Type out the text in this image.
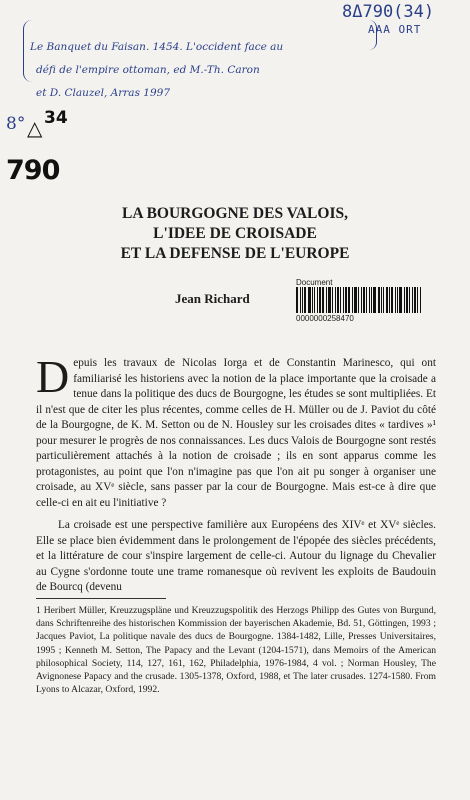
8Δ790(34)
AAA ORT
Le Banquet du Faisan. 1454. L'occident face au
défi de l'empire ottoman, ed M.-Th. Caron
et D. Clauzel, Arras 1997
8° △ 34
790
LA BOURGOGNE DES VALOIS,
L'IDEE DE CROISADE
ET LA DEFENSE DE L'EUROPE
Jean Richard
Document
0000000258470
Depuis les travaux de Nicolas Iorga et de Constantin Marinesco, qui ont familiarisé les historiens avec la notion de la place importante que la croisade a tenue dans la politique des ducs de Bourgogne, les études se sont multipliées. Et il n'est que de citer les plus récentes, comme celles de H. Müller ou de J. Paviot du côté de la Bourgogne, de K. M. Setton ou de N. Housley sur les croisades dites « tardives »¹ pour mesurer le progrès de nos connaissances. Les ducs Valois de Bourgogne sont restés particulièrement attachés à la notion de croisade ; ils en sont apparus comme les protagonistes, au point que l'on n'imagine pas que l'on ait pu songer à organiser une croisade, au XVᵉ siècle, sans passer par la cour de Bourgogne. Mais est-ce à dire que celle-ci en ait eu l'initiative ?
La croisade est une perspective familière aux Européens des XIVᵉ et XVᵉ siècles. Elle se place bien évidemment dans le prolongement de l'épopée des siècles précédents, et la littérature de cour s'inspire largement de celle-ci. Autour du lignage du Chevalier au Cygne s'ordonne toute une trame romanesque où revivent les exploits de Baudouin de Bourcq (devenu
1 Heribert Müller, Kreuzzugspläne und Kreuzzugspolitik des Herzogs Philipp des Gutes von Burgund, dans Schriftenreihe des historischen Kommission der bayerischen Akademie, Bd. 51, Göttingen, 1993 ; Jacques Paviot, La politique navale des ducs de Bourgogne. 1384-1482, Lille, Presses Universitaires, 1995 ; Kenneth M. Setton, The Papacy and the Levant (1204-1571), dans Memoirs of the American philosophical Society, 114, 127, 161, 162, Philadelphia, 1976-1984, 4 vol. ; Norman Housley, The Avignonese Papacy and the crusade. 1305-1378, Oxford, 1988, et The later crusades. 1274-1580. From Lyons to Alcazar, Oxford, 1992.
